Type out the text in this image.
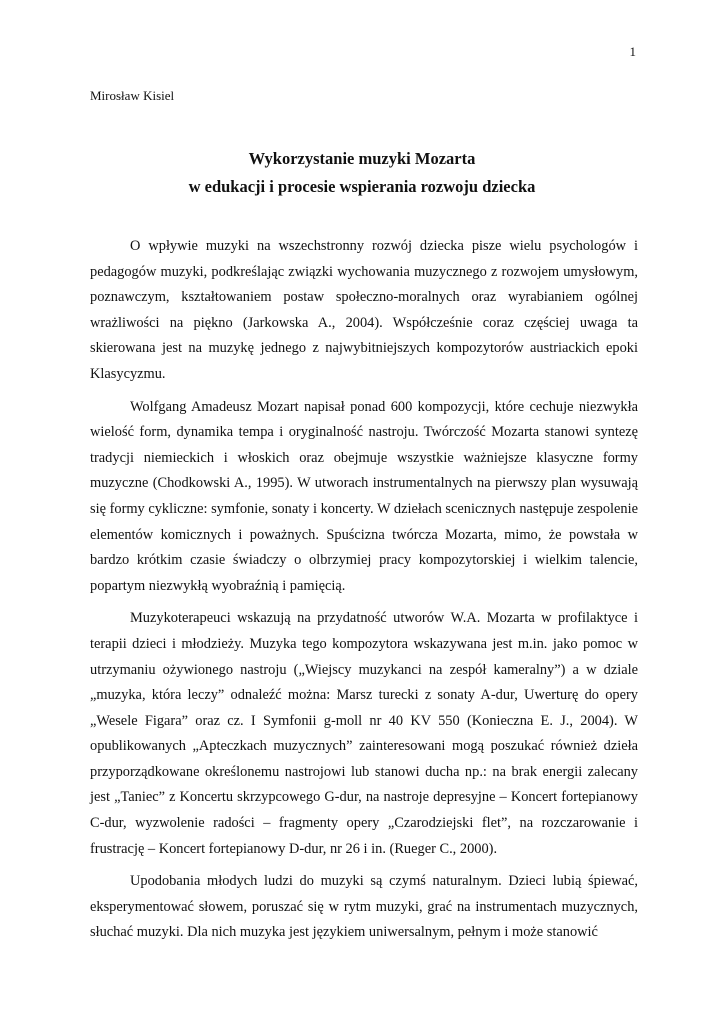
1
Mirosław Kisiel
Wykorzystanie muzyki Mozarta
w edukacji i procesie wspierania rozwoju dziecka

O wpływie muzyki na wszechstronny rozwój dziecka pisze wielu psychologów i pedagogów muzyki, podkreślając związki wychowania muzycznego z rozwojem umysłowym, poznawczym, kształtowaniem postaw społeczno-moralnych oraz wyrabianiem ogólnej wrażliwości na piękno (Jarkowska A., 2004). Współcześnie coraz częściej uwaga ta skierowana jest na muzykę jednego z najwybitniejszych kompozytorów austriackich epoki Klasycyzmu.

Wolfgang Amadeusz Mozart napisał ponad 600 kompozycji, które cechuje niezwykła wielość form, dynamika tempa i oryginalność nastroju. Twórczość Mozarta stanowi syntezę tradycji niemieckich i włoskich oraz obejmuje wszystkie ważniejsze klasyczne formy muzyczne (Chodkowski A., 1995). W utworach instrumentalnych na pierwszy plan wysuwają się formy cykliczne: symfonie, sonaty i koncerty. W dziełach scenicznych następuje zespolenie elementów komicznych i poważnych. Spuścizna twórcza Mozarta, mimo, że powstała w bardzo krótkim czasie świadczy o olbrzymiej pracy kompozytorskiej i wielkim talencie, popartym niezwykłą wyobraźnią i pamięcią.

Muzykoterapeuci wskazują na przydatność utworów W.A. Mozarta w profilaktyce i terapii dzieci i młodzieży. Muzyka tego kompozytora wskazywana jest m.in. jako pomoc w utrzymaniu ożywionego nastroju („Wiejscy muzykanci na zespół kameralny”) a w dziale „muzyka, która leczy” odnaleźć można: Marsz turecki z sonaty A-dur, Uwerturę do opery „Wesele Figara” oraz cz. I Symfonii g-moll nr 40 KV 550 (Konieczna E. J., 2004). W opublikowanych „Apteczkach muzycznych” zainteresowani mogą poszukać również dzieła przyporządkowane określonemu nastrojowi lub stanowi ducha np.: na brak energii zalecany jest „Taniec” z Koncertu skrzypcowego G-dur, na nastroje depresyjne – Koncert fortepianowy C-dur, wyzwolenie radości – fragmenty opery „Czarodziejski flet”, na rozczarowanie i frustrację – Koncert fortepianowy D-dur, nr 26 i in. (Rueger C., 2000).

Upodobania młodych ludzi do muzyki są czymś naturalnym. Dzieci lubią śpiewać, eksperymentować słowem, poruszać się w rytm muzyki, grać na instrumentach muzycznych, słuchać muzyki. Dla nich muzyka jest językiem uniwersalnym, pełnym i może stanowić
